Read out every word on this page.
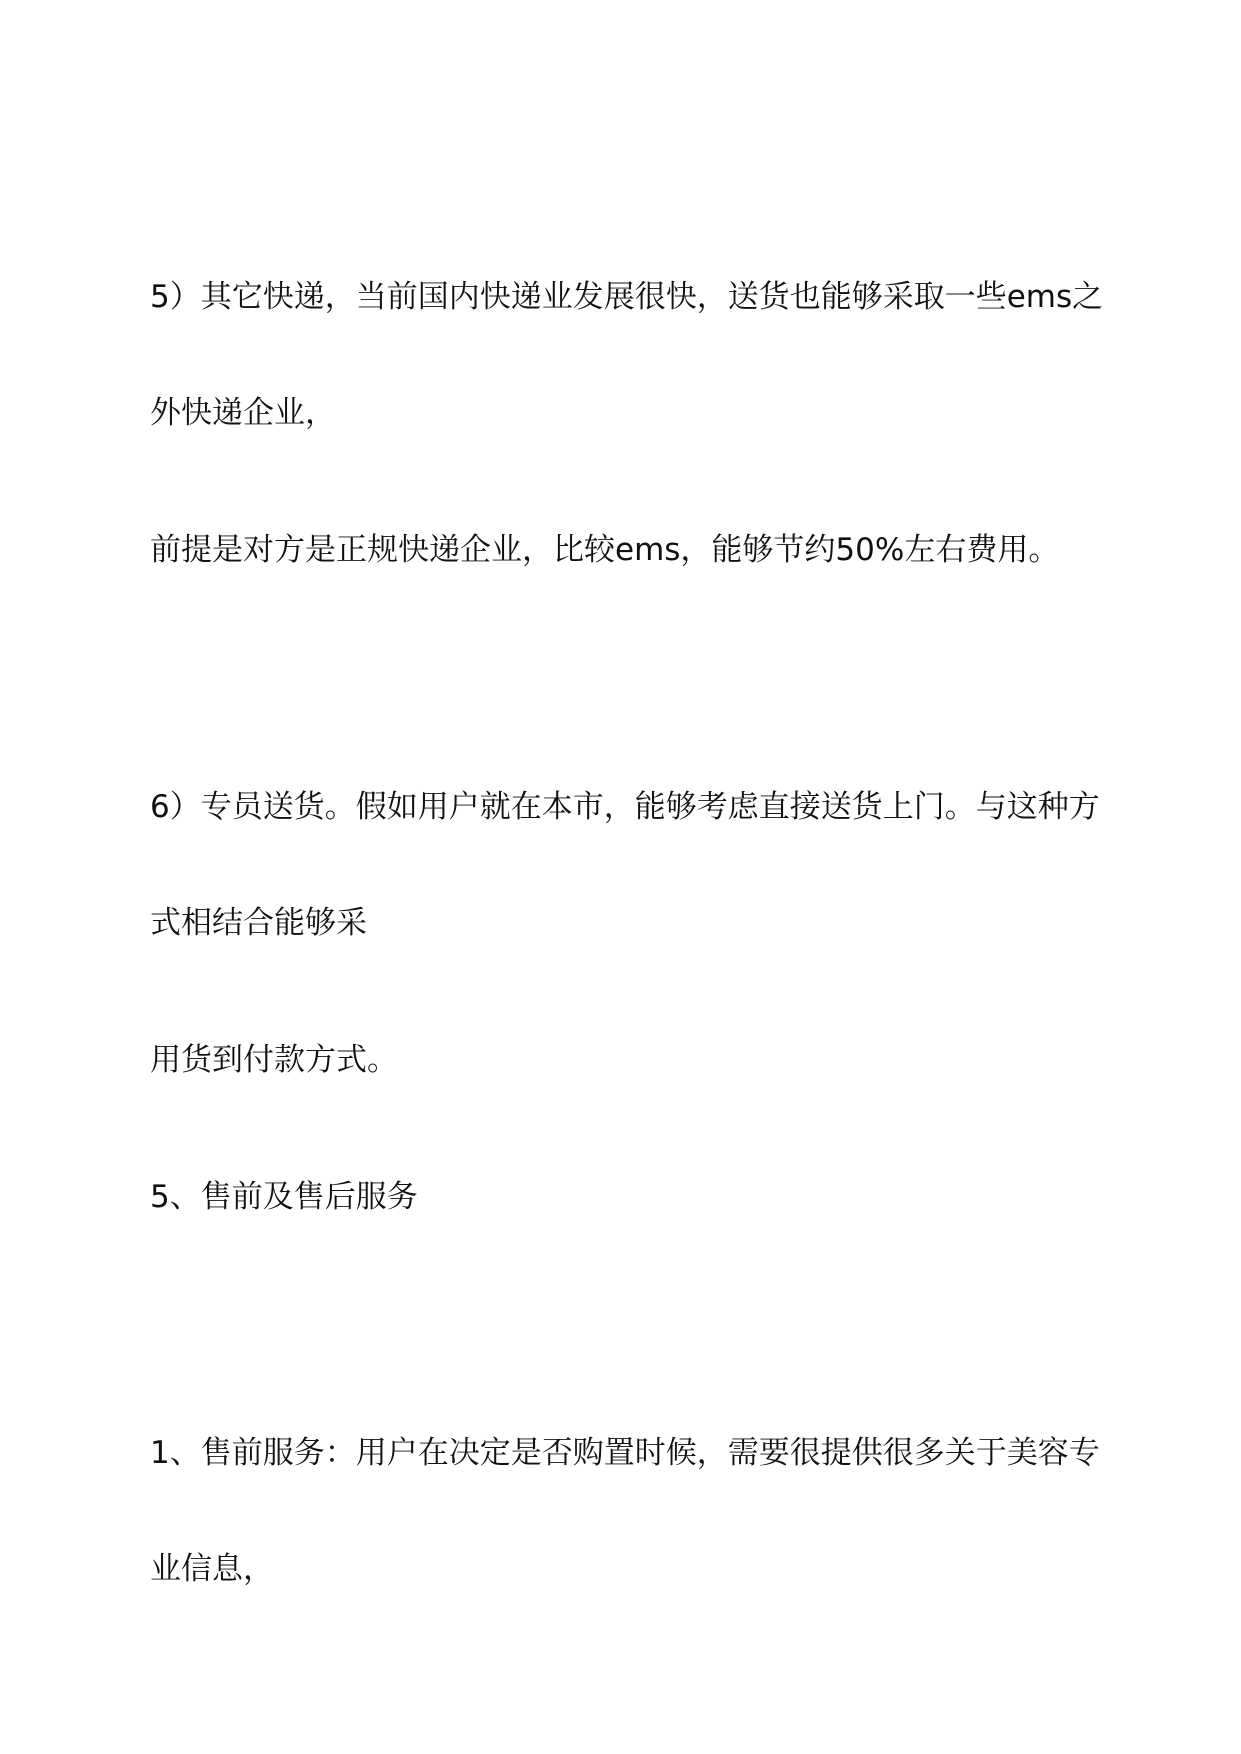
5）其它快递，当前国内快递业发展很快，送货也能够采取一些ems之
外快递企业，
前提是对方是正规快递企业，比较ems，能够节约50%左右费用。
6）专员送货。假如用户就在本市，能够考虑直接送货上门。与这种方
式相结合能够采
用货到付款方式。
5、售前及售后服务
1、售前服务：用户在决定是否购置时候，需要很提供很多关于美容专
业信息，
